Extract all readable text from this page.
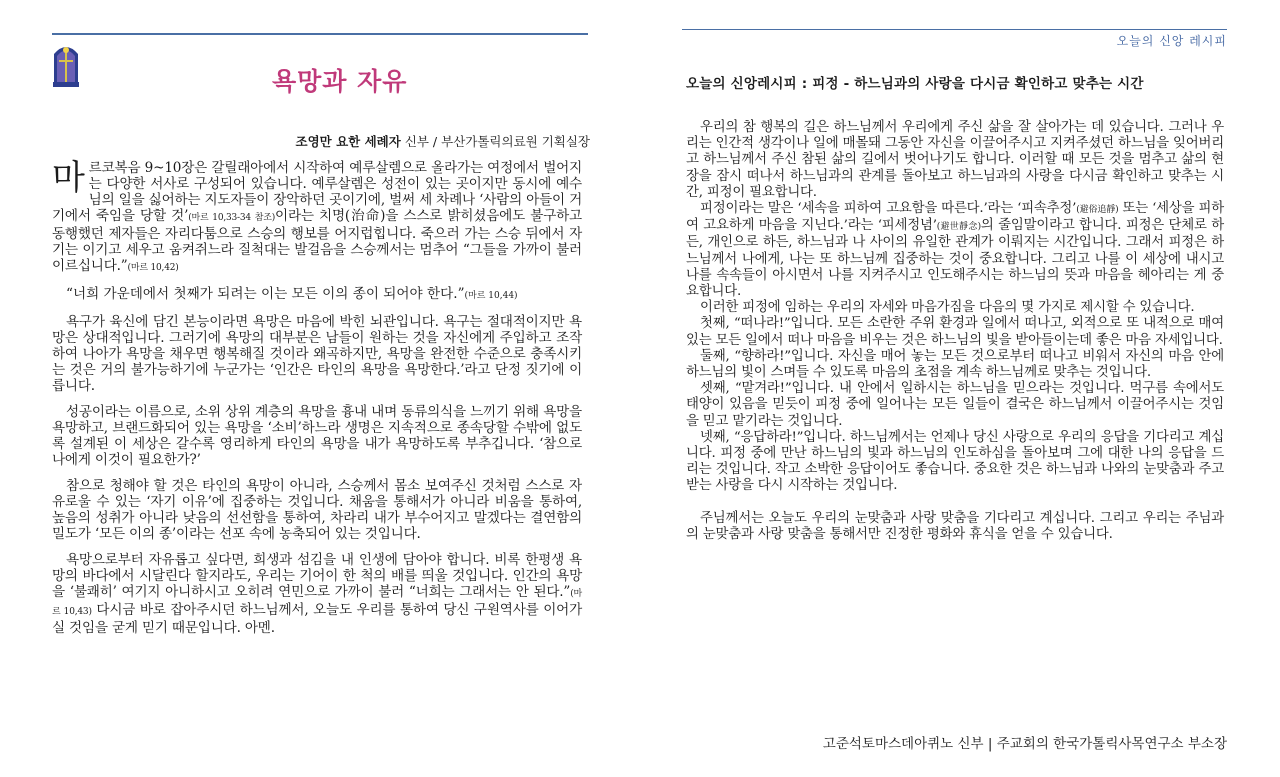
욕망과 자유
조영만 요한 세례자 신부 / 부산가톨릭의료원 기획실장

마르코복음 9~10장은 갈릴래아에서 시작하여 예루살렘으로 올라가는 여정에서 벌어지는 다양한 서사로 구성되어 있습니다. 예루살렘은 성전이 있는 곳이지만 동시에 예수님의 일을 싫어하는 지도자들이 장악하던 곳이기에, 벌써 세 차례나 ‘사람의 아들이 거기에서 죽임을 당할 것’(마르 10,33-34 참조)이라는 치명(治命)을 스스로 밝히셨음에도 불구하고 동행했던 제자들은 자리다툼으로 스승의 행보를 어지럽힙니다. 죽으러 가는 스승 뒤에서 자기는 이기고 세우고 움켜쥐느라 질척대는 발걸음을 스승께서는 멈추어 “그들을 가까이 불러 이르십니다.”(마르 10,42)

“너희 가운데에서 첫째가 되려는 이는 모든 이의 종이 되어야 한다.”(마르 10,44)

욕구가 육신에 담긴 본능이라면 욕망은 마음에 박힌 뇌관입니다. 욕구는 절대적이지만 욕망은 상대적입니다. 그러기에 욕망의 대부분은 남들이 원하는 것을 자신에게 주입하고 조작하여 나아가 욕망을 채우면 행복해질 것이라 왜곡하지만, 욕망을 완전한 수준으로 충족시키는 것은 거의 불가능하기에 누군가는 ‘인간은 타인의 욕망을 욕망한다.’라고 단정 짓기에 이릅니다.

성공이라는 이름으로, 소위 상위 계층의 욕망을 흉내 내며 동류의식을 느끼기 위해 욕망을 욕망하고, 브랜드화되어 있는 욕망을 ‘소비’하느라 생명은 지속적으로 종속당할 수밖에 없도록 설계된 이 세상은 갈수록 영리하게 타인의 욕망을 내가 욕망하도록 부추깁니다. ‘참으로 나에게 이것이 필요한가?’

참으로 청해야 할 것은 타인의 욕망이 아니라, 스승께서 몸소 보여주신 것처럼 스스로 자유로울 수 있는 ‘자기 이유’에 집중하는 것입니다. 채움을 통해서가 아니라 비움을 통하여, 높음의 성취가 아니라 낮음의 선선함을 통하여, 차라리 내가 부수어지고 말겠다는 결연함의 밀도가 ‘모든 이의 종’이라는 선포 속에 농축되어 있는 것입니다.

욕망으로부터 자유롭고 싶다면, 희생과 섬김을 내 인생에 담아야 합니다. 비록 한평생 욕망의 바다에서 시달린다 할지라도, 우리는 기어이 한 척의 배를 띄울 것입니다. 인간의 욕망을 ‘불쾌히’ 여기지 아니하시고 오히려 연민으로 가까이 불러 “너희는 그래서는 안 된다.”(마르 10,43) 다시금 바로 잡아주시던 하느님께서, 오늘도 우리를 통하여 당신 구원역사를 이어가실 것임을 굳게 믿기 때문입니다. 아멘.

오늘의 신앙 레시피
오늘의 신앙레시피 : 피정 - 하느님과의 사랑을 다시금 확인하고 맞추는 시간

우리의 참 행복의 길은 하느님께서 우리에게 주신 삶을 잘 살아가는 데 있습니다. 그러나 우리는 인간적 생각이나 일에 매몰돼 그동안 자신을 이끌어주시고 지켜주셨던 하느님을 잊어버리고 하느님께서 주신 참된 삶의 길에서 벗어나기도 합니다. 이러할 때 모든 것을 멈추고 삶의 현장을 잠시 떠나서 하느님과의 관계를 돌아보고 하느님과의 사랑을 다시금 확인하고 맞추는 시간, 피정이 필요합니다.

피정이라는 말은 ‘세속을 피하여 고요함을 따른다.’라는 ‘피속추정’(避俗追靜) 또는 ‘세상을 피하여 고요하게 마음을 지닌다.’라는 ‘피세정념’(避世靜念)의 줄임말이라고 합니다. 피정은 단체로 하든, 개인으로 하든, 하느님과 나 사이의 유일한 관계가 이뤄지는 시간입니다. 그래서 피정은 하느님께서 나에게, 나는 또 하느님께 집중하는 것이 중요합니다. 그리고 나를 이 세상에 내시고 나를 속속들이 아시면서 나를 지켜주시고 인도해주시는 하느님의 뜻과 마음을 헤아리는 게 중요합니다.

이러한 피정에 임하는 우리의 자세와 마음가짐을 다음의 몇 가지로 제시할 수 있습니다.

첫째, “떠나라!”입니다. 모든 소란한 주위 환경과 일에서 떠나고, 외적으로 또 내적으로 매여 있는 모든 일에서 떠나 마음을 비우는 것은 하느님의 빛을 받아들이는데 좋은 마음 자세입니다.

둘째, “향하라!”입니다. 자신을 매어 놓는 모든 것으로부터 떠나고 비워서 자신의 마음 안에 하느님의 빛이 스며들 수 있도록 마음의 초점을 계속 하느님께로 맞추는 것입니다.

셋째, “맡겨라!”입니다. 내 안에서 일하시는 하느님을 믿으라는 것입니다. 먹구름 속에서도 태양이 있음을 믿듯이 피정 중에 일어나는 모든 일들이 결국은 하느님께서 이끌어주시는 것임을 믿고 맡기라는 것입니다.

넷째, “응답하라!”입니다. 하느님께서는 언제나 당신 사랑으로 우리의 응답을 기다리고 계십니다. 피정 중에 만난 하느님의 빛과 하느님의 인도하심을 돌아보며 그에 대한 나의 응답을 드리는 것입니다. 작고 소박한 응답이어도 좋습니다. 중요한 것은 하느님과 나와의 눈맞춤과 주고받는 사랑을 다시 시작하는 것입니다.

주님께서는 오늘도 우리의 눈맞춤과 사랑 맞춤을 기다리고 계십니다. 그리고 우리는 주님과의 눈맞춤과 사랑 맞춤을 통해서만 진정한 평화와 휴식을 얻을 수 있습니다.

고준석토마스데아퀴노 신부 | 주교회의 한국가톨릭사목연구소 부소장
